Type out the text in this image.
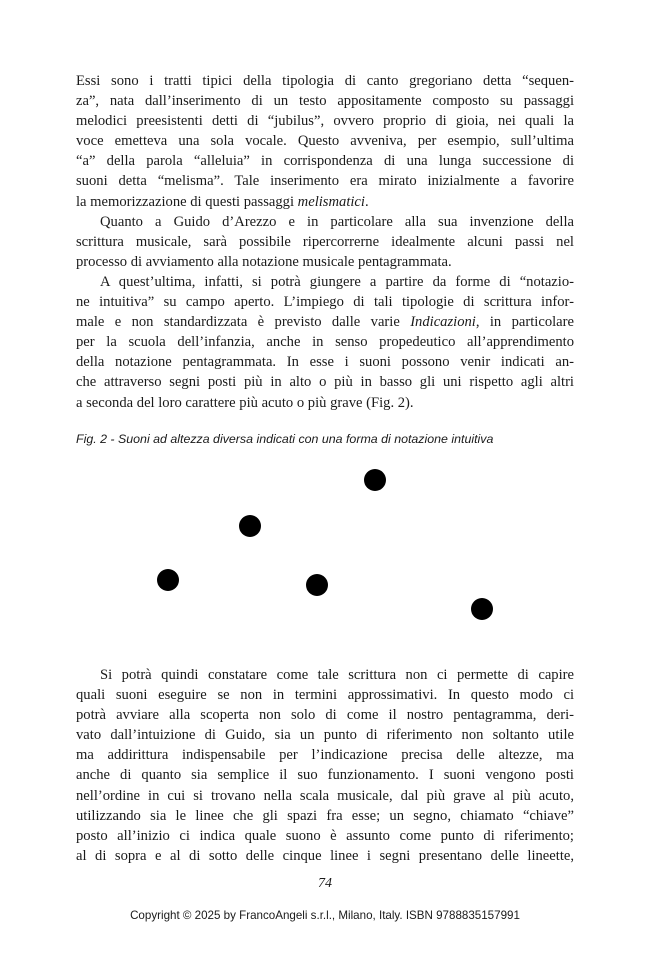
Essi sono i tratti tipici della tipologia di canto gregoriano detta “sequen-
za”, nata dall’inserimento di un testo appositamente composto su passaggi
melodici preesistenti detti di “jubilus”, ovvero proprio di gioia, nei quali la
voce emetteva una sola vocale. Questo avveniva, per esempio, sull’ultima
“a” della parola “alleluia” in corrispondenza di una lunga successione di
suoni detta “melisma”. Tale inserimento era mirato inizialmente a favorire
la memorizzazione di questi passaggi melismatici.
Quanto a Guido d’Arezzo e in particolare alla sua invenzione della
scrittura musicale, sarà possibile ripercorrerne idealmente alcuni passi nel
processo di avviamento alla notazione musicale pentagrammata.
A quest’ultima, infatti, si potrà giungere a partire da forme di “notazio-
ne intuitiva” su campo aperto. L’impiego di tali tipologie di scrittura infor-
male e non standardizzata è previsto dalle varie Indicazioni, in particolare
per la scuola dell’infanzia, anche in senso propedeutico all’apprendimento
della notazione pentagrammata. In esse i suoni possono venir indicati an-
che attraverso segni posti più in alto o più in basso gli uni rispetto agli altri
a seconda del loro carattere più acuto o più grave (Fig. 2).
Fig. 2 - Suoni ad altezza diversa indicati con una forma di notazione intuitiva
Si potrà quindi constatare come tale scrittura non ci permette di capire
quali suoni eseguire se non in termini approssimativi. In questo modo ci
potrà avviare alla scoperta non solo di come il nostro pentagramma, deri-
vato dall’intuizione di Guido, sia un punto di riferimento non soltanto utile
ma addirittura indispensabile per l’indicazione precisa delle altezze, ma
anche di quanto sia semplice il suo funzionamento. I suoni vengono posti
nell’ordine in cui si trovano nella scala musicale, dal più grave al più acuto,
utilizzando sia le linee che gli spazi fra esse; un segno, chiamato “chiave”
posto all’inizio ci indica quale suono è assunto come punto di riferimento;
al di sopra e al di sotto delle cinque linee i segni presentano delle lineette,
74
Copyright © 2025 by FrancoAngeli s.r.l., Milano, Italy. ISBN 9788835157991
